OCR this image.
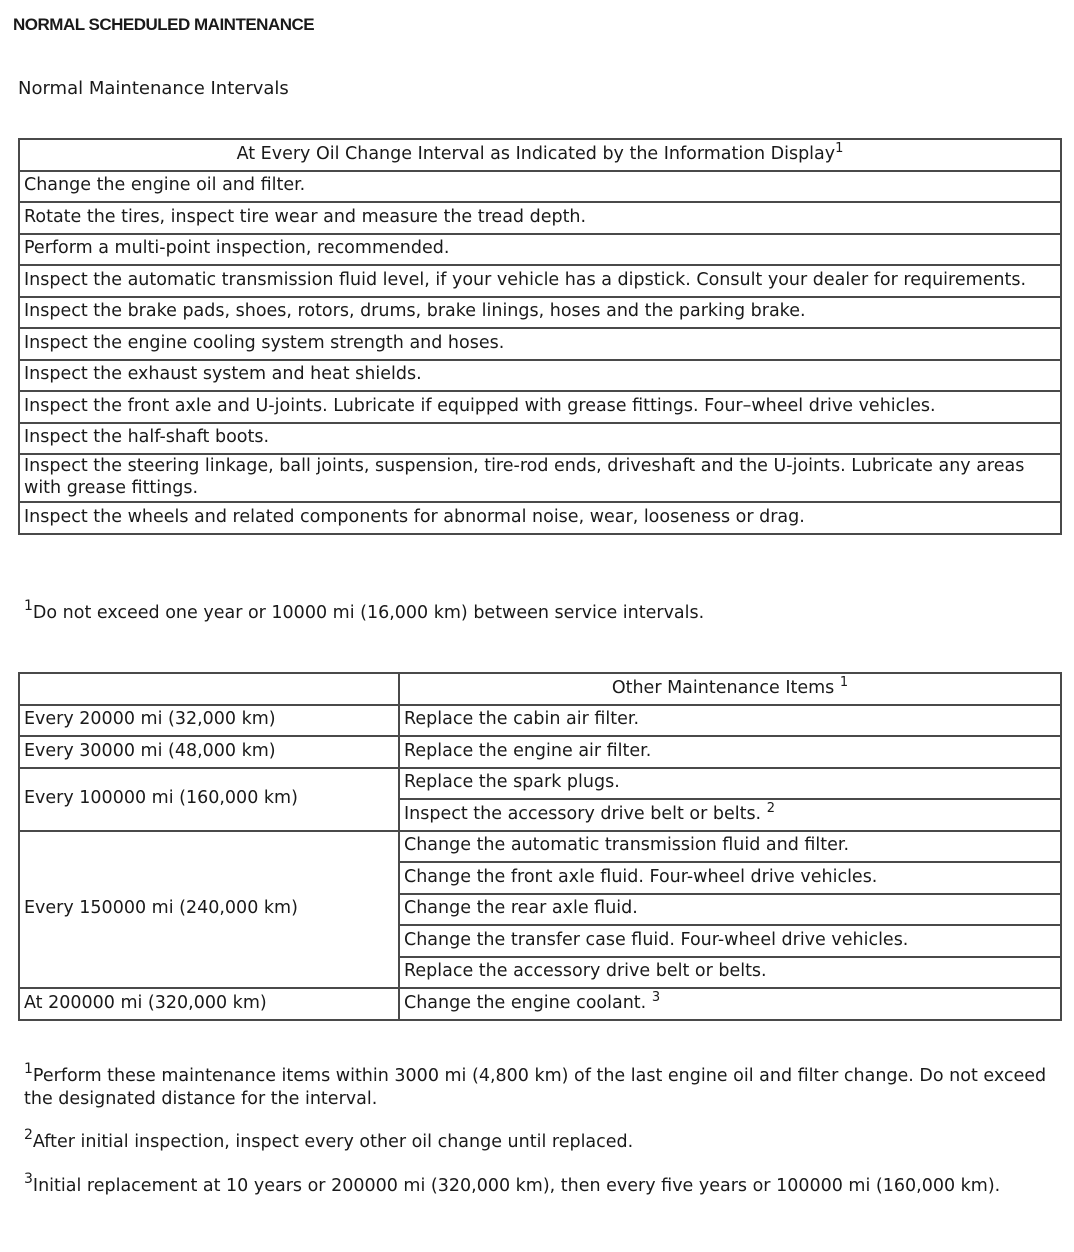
NORMAL SCHEDULED MAINTENANCE
Normal Maintenance Intervals
At Every Oil Change Interval as Indicated by the Information Display$^1$
Change the engine oil and filter.
Rotate the tires, inspect tire wear and measure the tread depth.
Perform a multi-point inspection, recommended.
Inspect the automatic transmission fluid level, if your vehicle has a dipstick. Consult your dealer for requirements.
Inspect the brake pads, shoes, rotors, drums, brake linings, hoses and the parking brake.
Inspect the engine cooling system strength and hoses.
Inspect the exhaust system and heat shields.
Inspect the front axle and U-joints. Lubricate if equipped with grease fittings. Four–wheel drive vehicles.
Inspect the half-shaft boots.
Inspect the steering linkage, ball joints, suspension, tire-rod ends, driveshaft and the U-joints. Lubricate any areas with grease fittings.
Inspect the wheels and related components for abnormal noise, wear, looseness or drag.
$^1$Do not exceed one year or 10000 mi (16,000 km) between service intervals.
	Other Maintenance Items $^1$
Every 20000 mi (32,000 km)	Replace the cabin air filter.
Every 30000 mi (48,000 km)	Replace the engine air filter.
Every 100000 mi (160,000 km)	Replace the spark plugs.
	Inspect the accessory drive belt or belts. $^2$
Every 150000 mi (240,000 km)	Change the automatic transmission fluid and filter.
	Change the front axle fluid. Four-wheel drive vehicles.
	Change the rear axle fluid.
	Change the transfer case fluid. Four-wheel drive vehicles.
	Replace the accessory drive belt or belts.
At 200000 mi (320,000 km)	Change the engine coolant. $^3$
$^1$Perform these maintenance items within 3000 mi (4,800 km) of the last engine oil and filter change. Do not exceed the designated distance for the interval.
$^2$After initial inspection, inspect every other oil change until replaced.
$^3$Initial replacement at 10 years or 200000 mi (320,000 km), then every five years or 100000 mi (160,000 km).
